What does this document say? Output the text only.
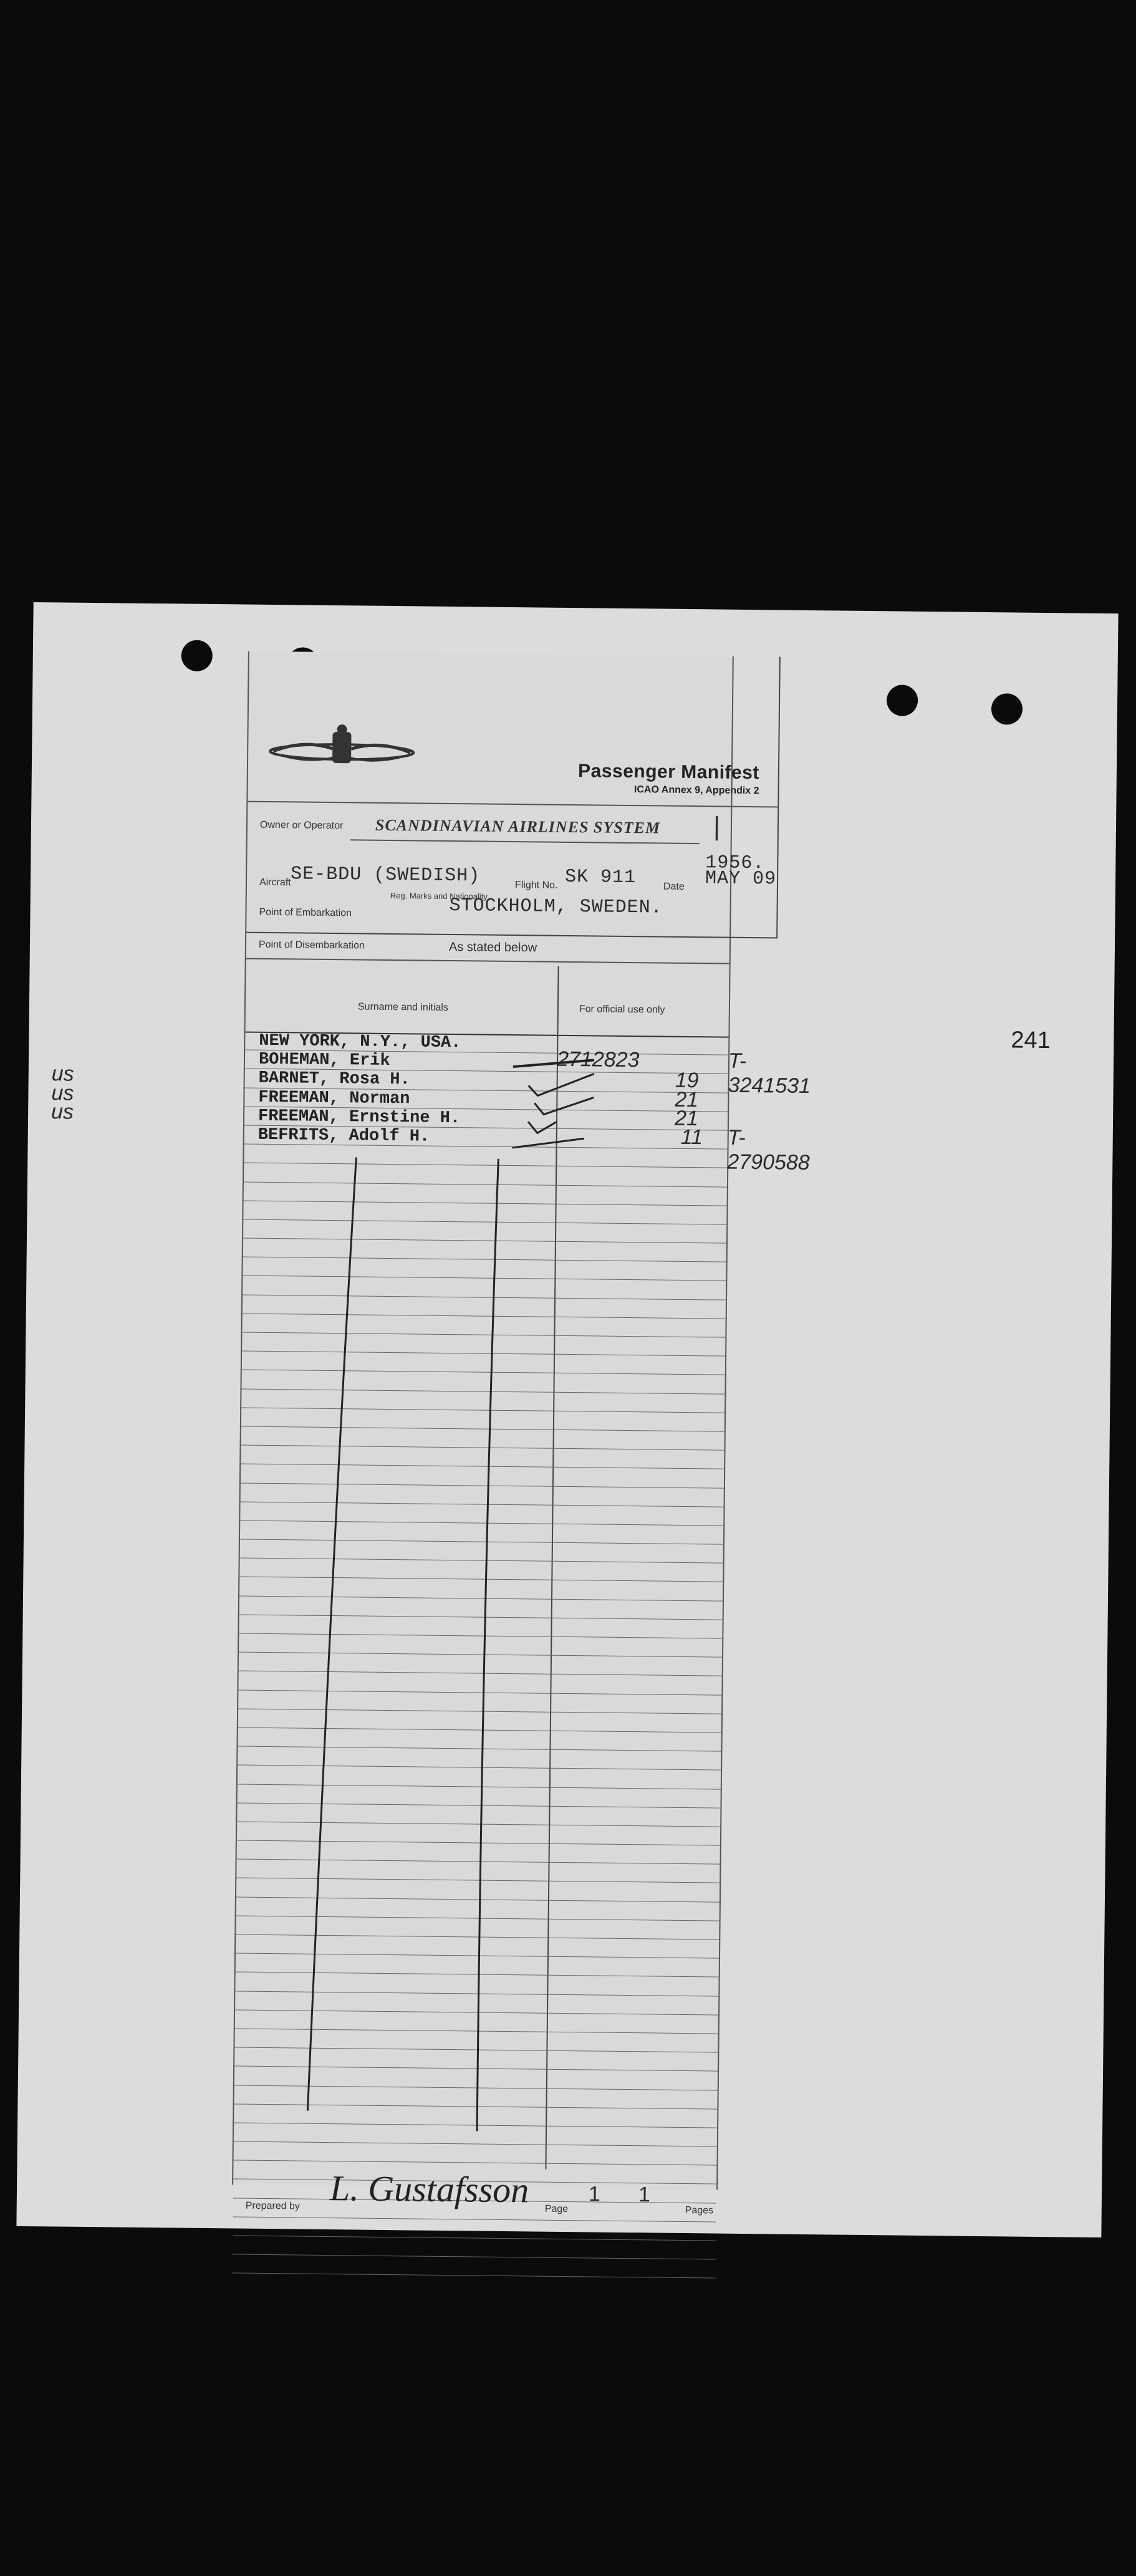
241
Passenger Manifest
ICAO Annex 9, Appendix 2
Owner or Operator SCANDINAVIAN AIRLINES SYSTEM |
1956.
Aircraft SE-BDU (SWEDISH)	Flight No. SK 911	Date MAY 09
Reg. Marks and Nationality
Point of Embarkation	STOCKHOLM, SWEDEN.
Point of Disembarkation	As stated below
Surname and initials	For official use only
NEW YORK, N.Y., USA.
BOHEMAN, Erik	2712823	T-3241531
BARNET, Rosa H.	19
us
FREEMAN, Norman	21
us
FREEMAN, Ernstine H.	21
us
BEFRITS, Adolf H.	11 T-2790588
Prepared by L. Gustafsson Page
1 1
Pages
